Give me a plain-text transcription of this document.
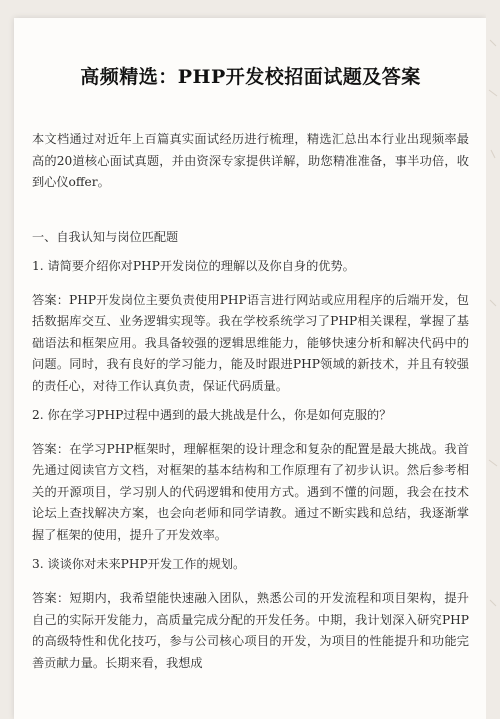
高频精选：PHP开发校招面试题及答案

本文档通过对近年上百篇真实面试经历进行梳理，精选汇总出本行业出现频率最高的20道核心面试真题，并由资深专家提供详解，助您精准准备，事半功倍，收到心仪offer。

一、自我认知与岗位匹配题

1. 请简要介绍你对PHP开发岗位的理解以及你自身的优势。

答案：PHP开发岗位主要负责使用PHP语言进行网站或应用程序的后端开发，包括数据库交互、业务逻辑实现等。我在学校系统学习了PHP相关课程，掌握了基础语法和框架应用。我具备较强的逻辑思维能力，能够快速分析和解决代码中的问题。同时，我有良好的学习能力，能及时跟进PHP领域的新技术，并且有较强的责任心，对待工作认真负责，保证代码质量。

2. 你在学习PHP过程中遇到的最大挑战是什么，你是如何克服的？

答案：在学习PHP框架时，理解框架的设计理念和复杂的配置是最大挑战。我首先通过阅读官方文档，对框架的基本结构和工作原理有了初步认识。然后参考相关的开源项目，学习别人的代码逻辑和使用方式。遇到不懂的问题，我会在技术论坛上查找解决方案，也会向老师和同学请教。通过不断实践和总结，我逐渐掌握了框架的使用，提升了开发效率。

3. 谈谈你对未来PHP开发工作的规划。

答案：短期内，我希望能快速融入团队，熟悉公司的开发流程和项目架构，提升自己的实际开发能力，高质量完成分配的开发任务。中期，我计划深入研究PHP的高级特性和优化技巧，参与公司核心项目的开发，为项目的性能提升和功能完善贡献力量。长期来看，我想成
